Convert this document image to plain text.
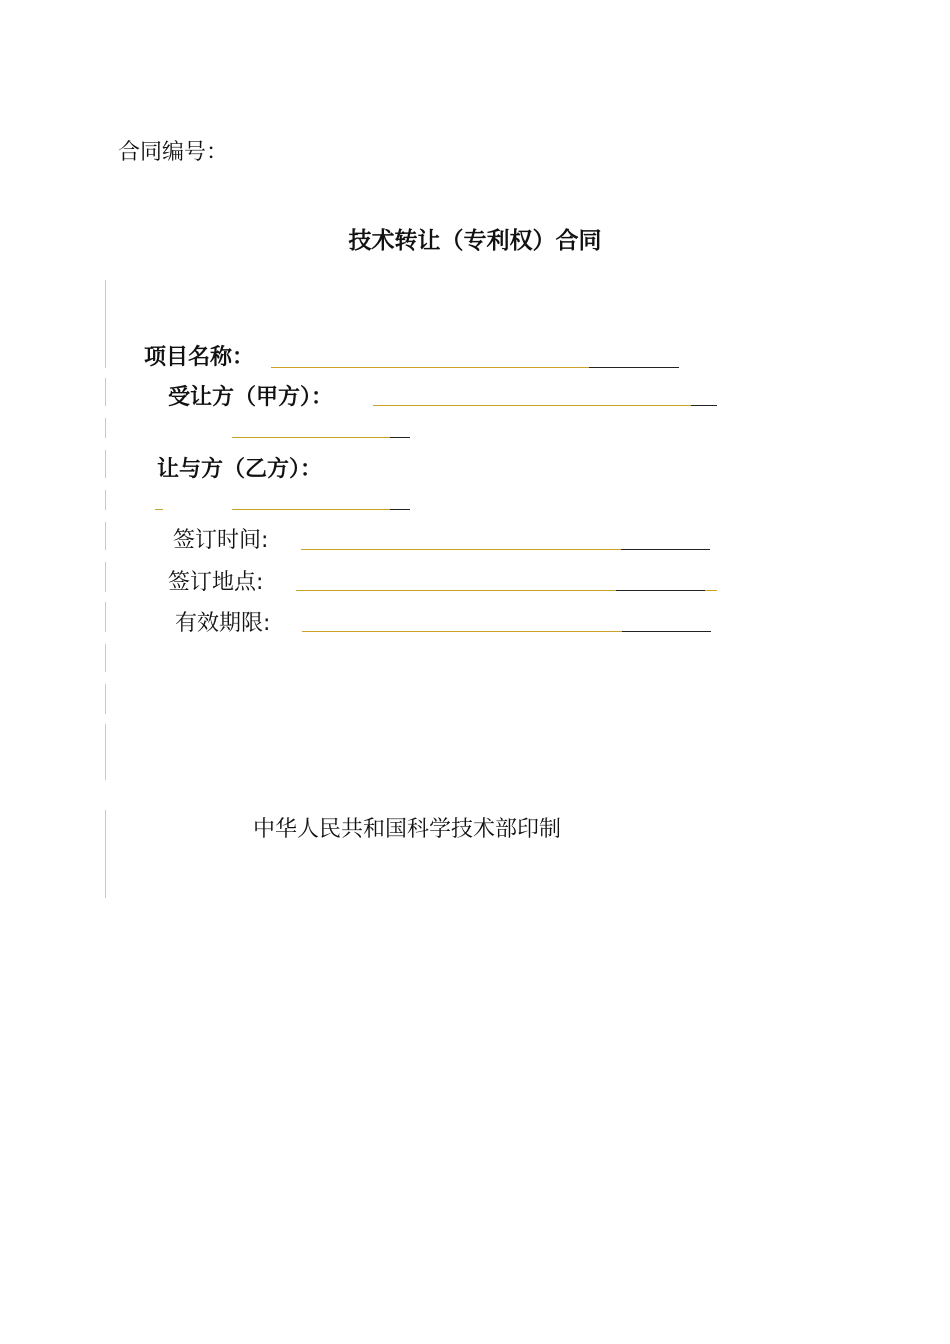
合同编号：
技术转让（专利权）合同
项目名称：
受让方（甲方）：
让与方（乙方）：
签订时间:
签订地点:
有效期限:
中华人民共和国科学技术部印制
